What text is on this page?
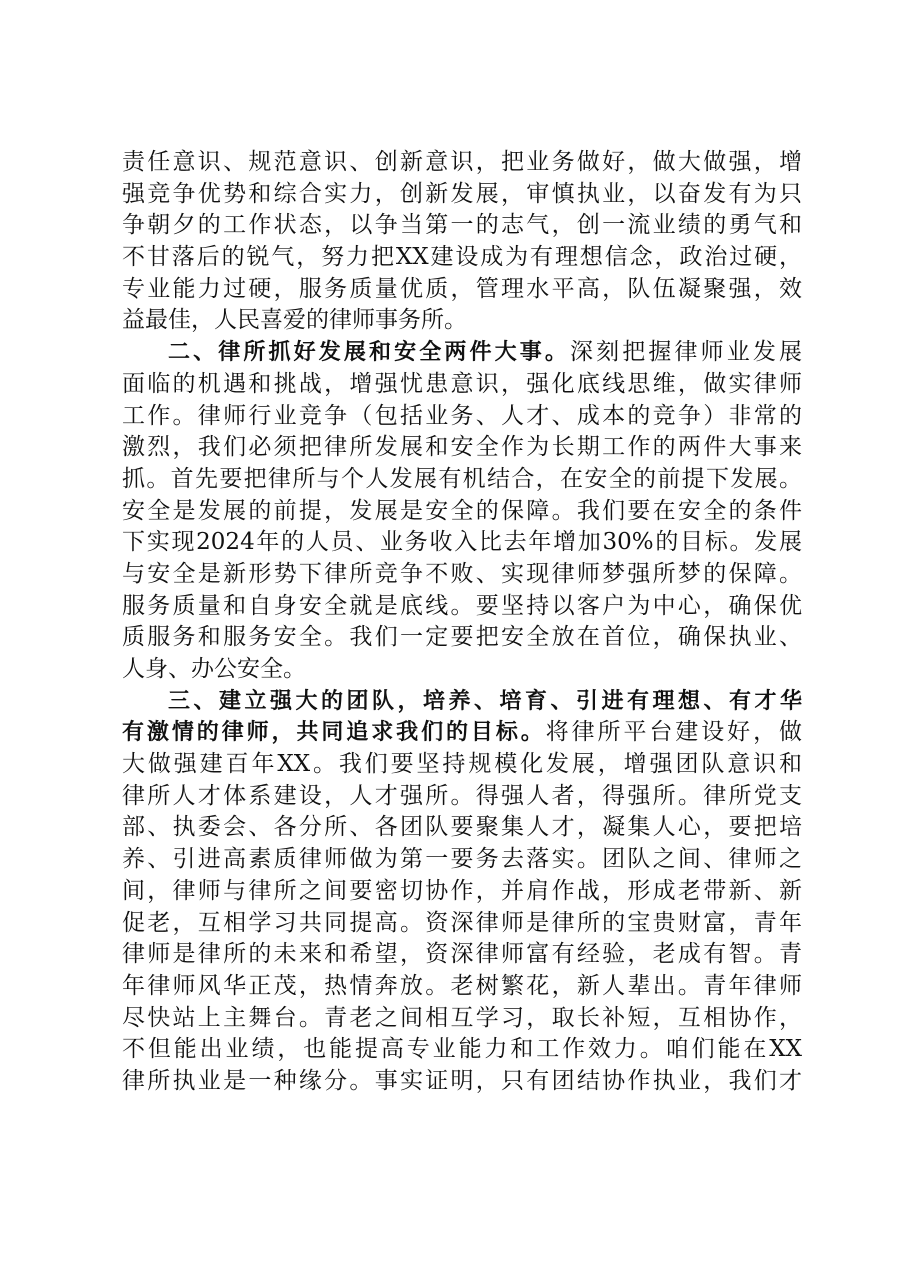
责任意识、规范意识、创新意识，把业务做好，做大做强，增
强竞争优势和综合实力，创新发展，审慎执业，以奋发有为只
争朝夕的工作状态，以争当第一的志气，创一流业绩的勇气和
不甘落后的锐气，努力把XX建设成为有理想信念，政治过硬，
专业能力过硬，服务质量优质，管理水平高，队伍凝聚强，效
益最佳，人民喜爱的律师事务所。
二、律所抓好发展和安全两件大事。深刻把握律师业发展
面临的机遇和挑战，增强忧患意识，强化底线思维，做实律师
工作。律师行业竞争（包括业务、人才、成本的竞争）非常的
激烈，我们必须把律所发展和安全作为长期工作的两件大事来
抓。首先要把律所与个人发展有机结合，在安全的前提下发展。
安全是发展的前提，发展是安全的保障。我们要在安全的条件
下实现2024年的人员、业务收入比去年增加30%的目标。发展
与安全是新形势下律所竞争不败、实现律师梦强所梦的保障。
服务质量和自身安全就是底线。要坚持以客户为中心，确保优
质服务和服务安全。我们一定要把安全放在首位，确保执业、
人身、办公安全。
三、建立强大的团队，培养、培育、引进有理想、有才华
有激情的律师，共同追求我们的目标。将律所平台建设好，做
大做强建百年XX。我们要坚持规模化发展，增强团队意识和
律所人才体系建设，人才强所。得强人者，得强所。律所党支
部、执委会、各分所、各团队要聚集人才，凝集人心，要把培
养、引进高素质律师做为第一要务去落实。团队之间、律师之
间，律师与律所之间要密切协作，并肩作战，形成老带新、新
促老，互相学习共同提高。资深律师是律所的宝贵财富，青年
律师是律所的未来和希望，资深律师富有经验，老成有智。青
年律师风华正茂，热情奔放。老树繁花，新人辈出。青年律师
尽快站上主舞台。青老之间相互学习，取长补短，互相协作，
不但能出业绩，也能提高专业能力和工作效力。咱们能在XX
律所执业是一种缘分。事实证明，只有团结协作执业，我们才
